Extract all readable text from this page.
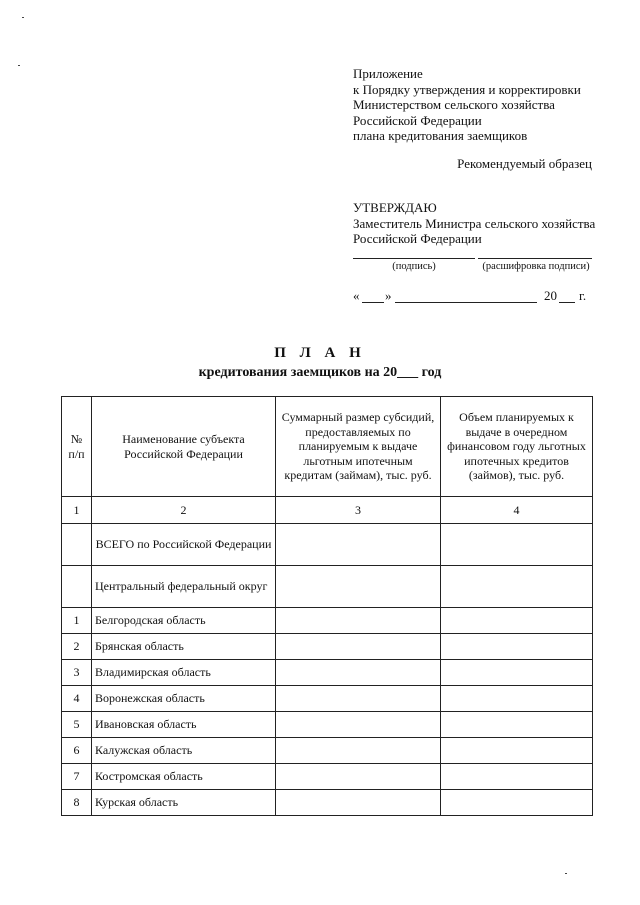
Приложение
к Порядку утверждения и корректировки
Министерством сельского хозяйства
Российской Федерации
плана кредитования заемщиков
Рекомендуемый образец
УТВЕРЖДАЮ
Заместитель Министра сельского хозяйства
Российской Федерации
(подпись)	(расшифровка подписи)
« »	20 г.
П Л А Н
кредитования заемщиков на 20___ год
№ п/п	Наименование субъекта Российской Федерации	Суммарный размер субсидий, предоставляемых по планируемым к выдаче льготным ипотечным кредитам (займам), тыс. руб.	Объем планируемых к выдаче в очередном финансовом году льготных ипотечных кредитов (займов), тыс. руб.
1	2	3	4
	ВСЕГО по Российской Федерации		
	Центральный федеральный округ		
1	Белгородская область		
2	Брянская область		
3	Владимирская область		
4	Воронежская область		
5	Ивановская область		
6	Калужская область		
7	Костромская область		
8	Курская область		
